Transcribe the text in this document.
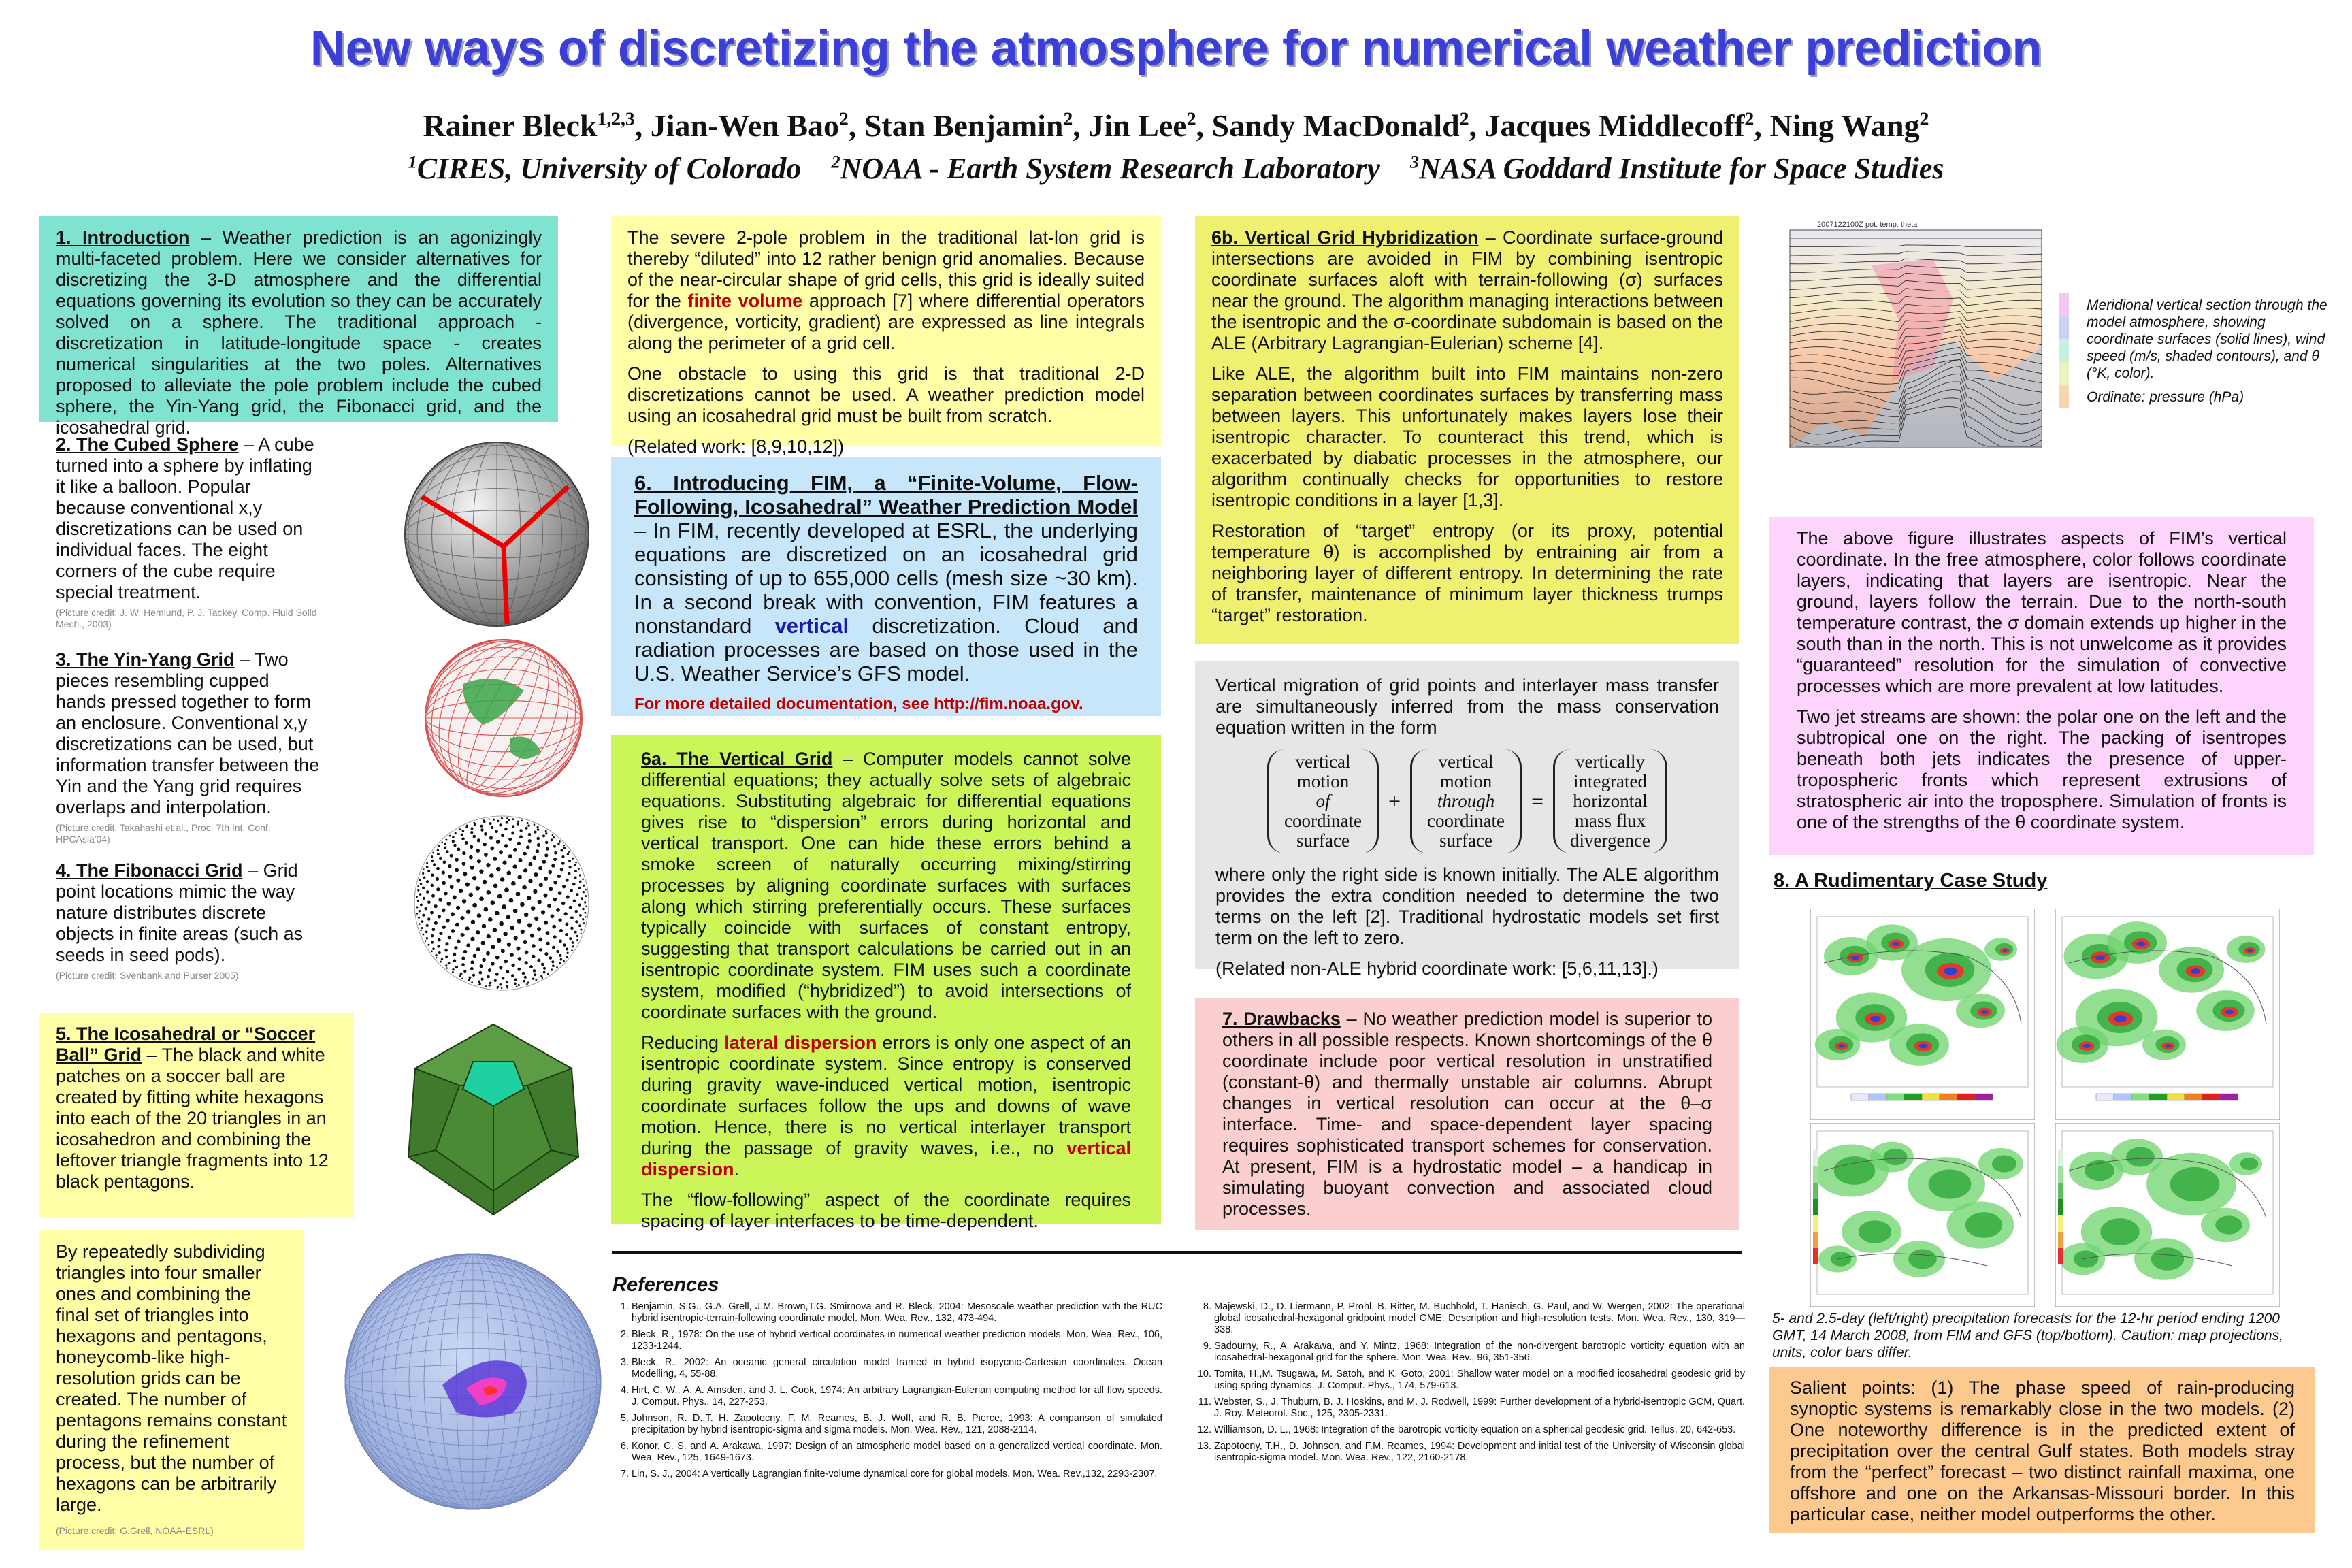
New ways of discretizing the atmosphere for numerical weather prediction
Rainer Bleck$^{1,2,3}$, Jian-Wen Bao$^2$, Stan Benjamin$^2$, Jin Lee$^2$, Sandy MacDonald$^2$, Jacques Middlecoff$^2$, Ning Wang$^2$
$^1$CIRES, University of Colorado    $^2$NOAA - Earth System Research Laboratory    $^3$NASA Goddard Institute for Space Studies
1. Introduction – Weather prediction is an agonizingly multi-faceted problem. Here we consider alternatives for discretizing the 3-D atmosphere and the differential equations governing its evolution so they can be accurately solved on a sphere. The traditional approach - discretization in latitude-longitude space - creates numerical singularities at the two poles. Alternatives proposed to alleviate the pole problem include the cubed sphere, the Yin-Yang grid, the Fibonacci grid, and the icosahedral grid.
2. The Cubed Sphere – A cube turned into a sphere by inflating it like a balloon. Popular because conventional x,y discretizations can be used on individual faces. The eight corners of the cube require special treatment.
(Picture credit: J. W. Hemlund, P. J. Tackey, Comp. Fluid Solid Mech., 2003)
3. The Yin-Yang Grid – Two pieces resembling cupped hands pressed together to form an enclosure. Conventional x,y discretizations can be used, but information transfer between the Yin and the Yang grid requires overlaps and interpolation.
(Picture credit: Takahashi et al., Proc. 7th Int. Conf. HPCAsia'04)
4. The Fibonacci Grid – Grid point locations mimic the way nature distributes discrete objects in finite areas (such as seeds in seed pods).
(Picture credit: Svenbank and Purser 2005)
5. The Icosahedral or “Soccer Ball” Grid – The black and white patches on a soccer ball are created by fitting white hexagons into each of the 20 triangles in an icosahedron and combining the leftover triangle fragments into 12 black pentagons.
By repeatedly subdividing triangles into four smaller ones and combining the final set of triangles into hexagons and pentagons, honeycomb-like high-resolution grids can be created. The number of pentagons remains constant during the refinement process, but the number of hexagons can be arbitrarily large.
(Picture credit: G.Grell, NOAA-ESRL)

The severe 2-pole problem in the traditional lat-lon grid is thereby “diluted” into 12 rather benign grid anomalies. Because of the near-circular shape of grid cells, this grid is ideally suited for the finite volume approach [7] where differential operators (divergence, vorticity, gradient) are expressed as line integrals along the perimeter of a grid cell.

One obstacle to using this grid is that traditional 2-D discretizations cannot be used. A weather prediction model using an icosahedral grid must be built from scratch.

(Related work: [8,9,10,12])

6. Introducing FIM, a “Finite-Volume, Flow-Following, Icosahedral” Weather Prediction Model – In FIM, recently developed at ESRL, the underlying equations are discretized on an icosahedral grid consisting of up to 655,000 cells (mesh size ~30 km). In a second break with convention, FIM features a nonstandard vertical discretization. Cloud and radiation processes are based on those used in the U.S. Weather Service’s GFS model.
For more detailed documentation, see http://fim.noaa.gov.

6a. The Vertical Grid – Computer models cannot solve differential equations; they actually solve sets of algebraic equations. Substituting algebraic for differential equations gives rise to “dispersion” errors during horizontal and vertical transport. One can hide these errors behind a smoke screen of naturally occurring mixing/stirring processes by aligning coordinate surfaces with surfaces along which stirring preferentially occurs. These surfaces typically coincide with surfaces of constant entropy, suggesting that transport calculations be carried out in an isentropic coordinate system. FIM uses such a coordinate system, modified (“hybridized”) to avoid intersections of coordinate surfaces with the ground.

Reducing lateral dispersion errors is only one aspect of an isentropic coordinate system. Since entropy is conserved during gravity wave-induced vertical motion, isentropic coordinate surfaces follow the ups and downs of wave motion. Hence, there is no vertical interlayer transport during the passage of gravity waves, i.e., no vertical dispersion.

The “flow-following” aspect of the coordinate requires spacing of layer interfaces to be time-dependent.

6b. Vertical Grid Hybridization – Coordinate surface-ground intersections are avoided in FIM by combining isentropic coordinate surfaces aloft with terrain-following (σ) surfaces near the ground. The algorithm managing interactions between the isentropic and the σ-coordinate subdomain is based on the ALE (Arbitrary Lagrangian-Eulerian) scheme [4].

Like ALE, the algorithm built into FIM maintains non-zero separation between coordinates surfaces by transferring mass between layers. This unfortunately makes layers lose their isentropic character. To counteract this trend, which is exacerbated by diabatic processes in the atmosphere, our algorithm continually checks for opportunities to restore isentropic conditions in a layer [1,3].

Restoration of “target” entropy (or its proxy, potential temperature θ) is accomplished by entraining air from a neighboring layer of different entropy. In determining the rate of transfer, maintenance of minimum layer thickness trumps “target” restoration.

Vertical migration of grid points and interlayer mass transfer are simultaneously inferred from the mass conservation equation written in the form

vertical
motion
of
coordinate
surface
+
vertical
motion
through
coordinate
surface
=
vertically
integrated
horizontal
mass flux
divergence

where only the right side is known initially. The ALE algorithm provides the extra condition needed to determine the two terms on the left [2]. Traditional hydrostatic models set first term on the left to zero.

(Related non-ALE hybrid coordinate work: [5,6,11,13].)

7. Drawbacks – No weather prediction model is superior to others in all possible respects. Known shortcomings of the θ coordinate include poor vertical resolution in unstratified (constant-θ) and thermally unstable air columns. Abrupt changes in vertical resolution can occur at the θ–σ interface. Time- and space-dependent layer spacing requires sophisticated transport schemes for conservation. At present, FIM is a hydrostatic model – a handicap in simulating buoyant convection and associated cloud processes.
References
1. Benjamin, S.G., G.A. Grell, J.M. Brown,T.G. Smirnova and R. Bleck, 2004: Mesoscale weather prediction with the RUC hybrid isentropic-terrain-following coordinate model. Mon. Wea. Rev., 132, 473-494.
2. Bleck, R., 1978: On the use of hybrid vertical coordinates in numerical weather prediction models. Mon. Wea. Rev., 106, 1233-1244.
3. Bleck, R., 2002: An oceanic general circulation model framed in hybrid isopycnic-Cartesian coordinates. Ocean Modelling, 4, 55-88.
4. Hirt, C. W., A. A. Amsden, and J. L. Cook, 1974: An arbitrary Lagrangian-Eulerian computing method for all flow speeds. J. Comput. Phys., 14, 227-253.
5. Johnson, R. D.,T. H. Zapotocny, F. M. Reames, B. J. Wolf, and R. B. Pierce, 1993: A comparison of simulated precipitation by hybrid isentropic-sigma and sigma models. Mon. Wea. Rev., 121, 2088-2114.
6. Konor, C. S. and A. Arakawa, 1997: Design of an atmospheric model based on a generalized vertical coordinate. Mon. Wea. Rev., 125, 1649-1673.
7. Lin, S. J., 2004: A vertically Lagrangian finite-volume dynamical core for global models. Mon. Wea. Rev.,132, 2293-2307.
8. Majewski, D., D. Liermann, P. Prohl, B. Ritter, M. Buchhold, T. Hanisch, G. Paul, and W. Wergen, 2002: The operational global icosahedral-hexagonal gridpoint model GME: Description and high-resolution tests. Mon. Wea. Rev., 130, 319—338.
9. Sadourny, R., A. Arakawa, and Y. Mintz, 1968: Integration of the non-divergent barotropic vorticity equation with an icosahedral-hexagonal grid for the sphere. Mon. Wea. Rev., 96, 351-356.
10. Tomita, H.,M. Tsugawa, M. Satoh, and K. Goto, 2001: Shallow water model on a modified icosahedral geodesic grid by using spring dynamics. J. Comput. Phys., 174, 579-613.
11. Webster, S., J. Thuburn, B. J. Hoskins, and M. J. Rodwell, 1999: Further development of a hybrid-isentropic GCM, Quart. J. Roy. Meteorol. Soc., 125, 2305-2331.
12. Williamson, D. L., 1968: Integration of the barotropic vorticity equation on a spherical geodesic grid. Tellus, 20, 642-653.
13. Zapotocny, T.H., D. Johnson, and F.M. Reames, 1994: Development and initial test of the University of Wisconsin global isentropic-sigma model. Mon. Wea. Rev., 122, 2160-2178.
2007122100Z pot. temp. theta
Meridional vertical section through the model atmosphere, showing coordinate surfaces (solid lines), wind speed (m/s, shaded contours), and θ (°K, color).
Ordinate: pressure (hPa)

The above figure illustrates aspects of FIM’s vertical coordinate. In the free atmosphere, color follows coordinate layers, indicating that layers are isentropic. Near the ground, layers follow the terrain. Due to the north-south temperature contrast, the σ domain extends up higher in the south than in the north. This is not unwelcome as it provides “guaranteed” resolution for the simulation of convective processes which are more prevalent at low latitudes.

Two jet streams are shown: the polar one on the left and the subtropical one on the right. The packing of isentropes beneath both jets indicates the presence of upper-tropospheric fronts which represent extrusions of stratospheric air into the troposphere. Simulation of fronts is one of the strengths of the θ coordinate system.

8. A Rudimentary Case Study
5- and 2.5-day (left/right) precipitation forecasts for the 12-hr period ending 1200 GMT, 14 March 2008, from FIM and GFS (top/bottom). Caution: map projections, units, color bars differ.
Salient points: (1) The phase speed of rain-producing synoptic systems is remarkably close in the two models. (2) One noteworthy difference is in the predicted extent of precipitation over the central Gulf states. Both models stray from the “perfect” forecast – two distinct rainfall maxima, one offshore and one on the Arkansas-Missouri border. In this particular case, neither model outperforms the other.
